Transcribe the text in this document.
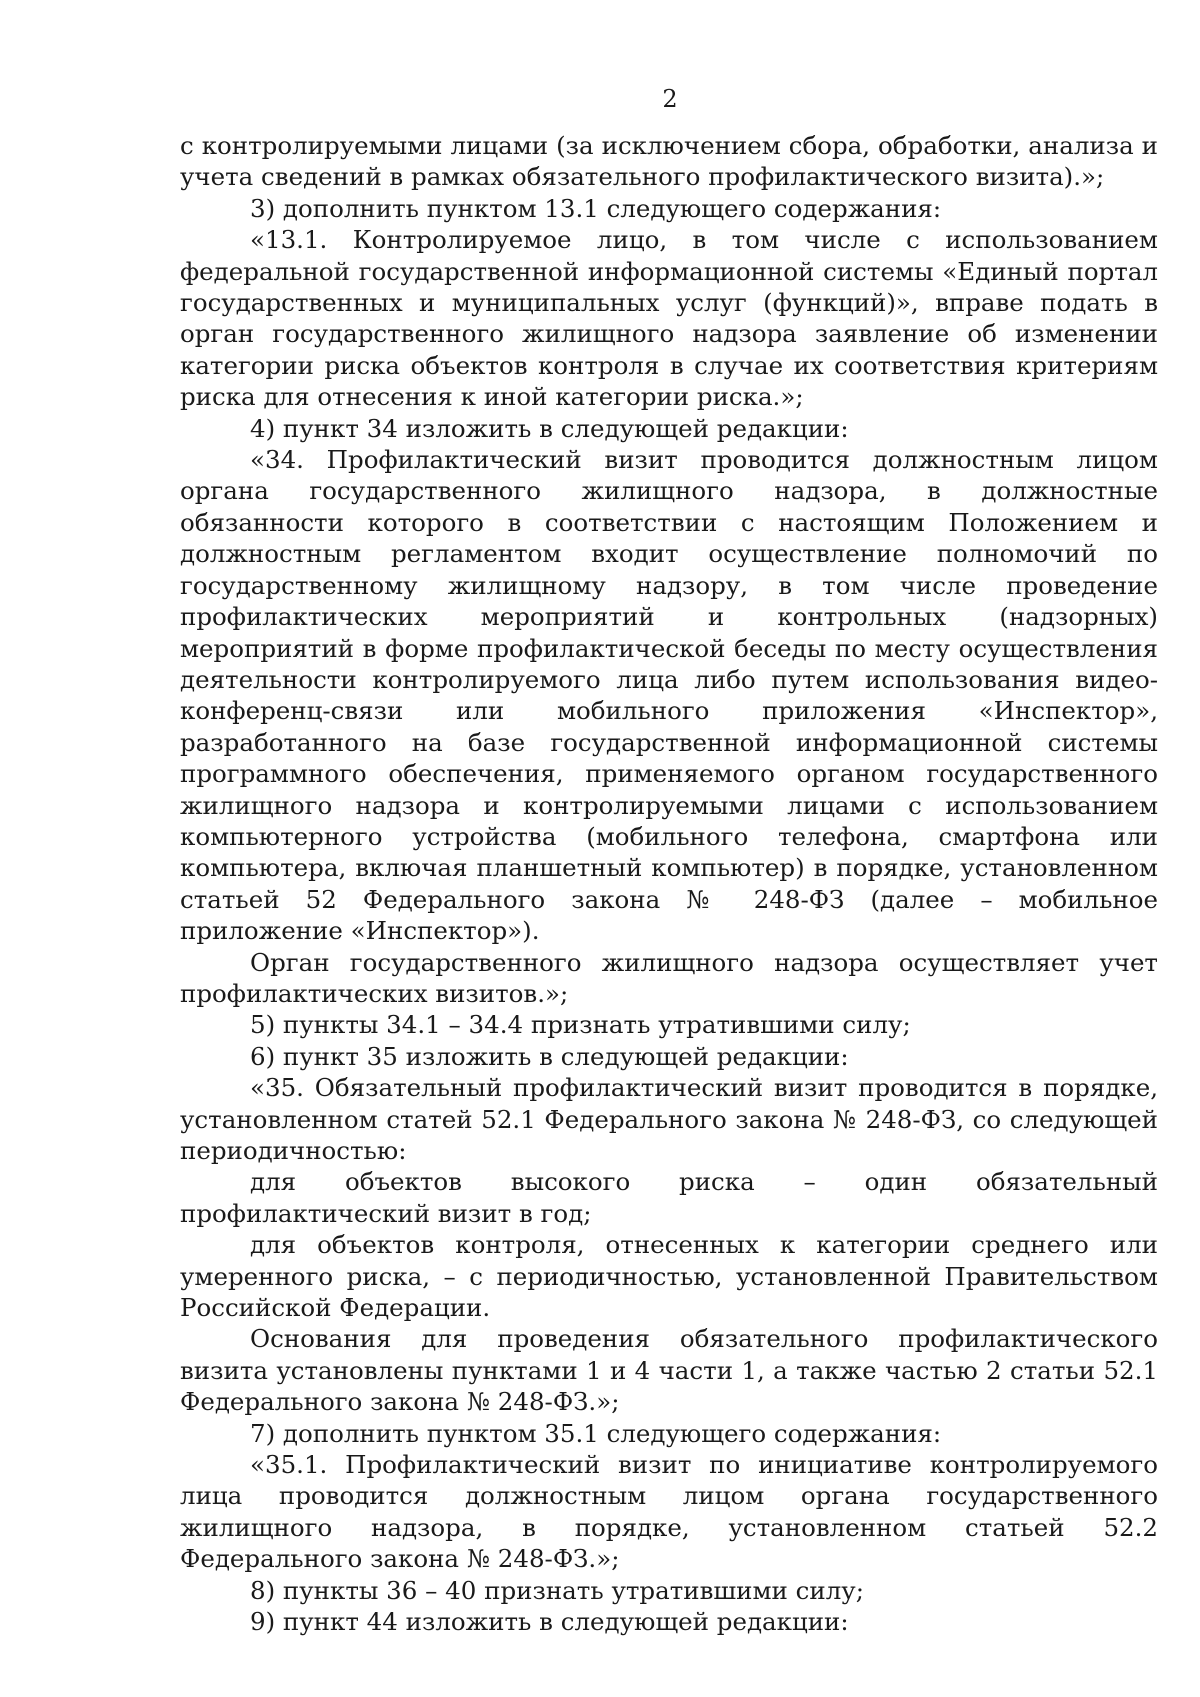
2

с контролируемыми лицами (за исключением сбора, обработки, анализа и учета сведений в рамках обязательного профилактического визита).»;

3) дополнить пунктом 13.1 следующего содержания:

«13.1. Контролируемое лицо, в том числе с использованием федеральной государственной информационной системы «Единый портал государственных и муниципальных услуг (функций)», вправе подать в орган государственного жилищного надзора заявление об изменении категории риска объектов контроля в случае их соответствия критериям риска для отнесения к иной категории риска.»;

4) пункт 34 изложить в следующей редакции:

«34. Профилактический визит проводится должностным лицом органа государственного жилищного надзора, в должностные обязанности которого в соответствии с настоящим Положением и должностным регламентом входит осуществление полномочий по государственному жилищному надзору, в том числе проведение профилактических мероприятий и контрольных (надзорных) мероприятий в форме профилактической беседы по месту осуществления деятельности контролируемого лица либо путем использования видео-конференц-связи или мобильного приложения «Инспектор», разработанного на базе государственной информационной системы программного обеспечения, применяемого органом государственного жилищного надзора и контролируемыми лицами с использованием компьютерного устройства (мобильного телефона, смартфона или компьютера, включая планшетный компьютер) в порядке, установленном статьей 52 Федерального закона № 248-ФЗ (далее – мобильное приложение «Инспектор»).

Орган государственного жилищного надзора осуществляет учет профилактических визитов.»;

5) пункты 34.1 – 34.4 признать утратившими силу;

6) пункт 35 изложить в следующей редакции:

«35. Обязательный профилактический визит проводится в порядке, установленном статей 52.1 Федерального закона № 248-ФЗ, со следующей периодичностью:

для объектов высокого риска – один обязательный профилактический визит в год;

для объектов контроля, отнесенных к категории среднего или умеренного риска, – с периодичностью, установленной Правительством Российской Федерации.

Основания для проведения обязательного профилактического визита установлены пунктами 1 и 4 части 1, а также частью 2 статьи 52.1 Федерального закона № 248-ФЗ.»;

7) дополнить пунктом 35.1 следующего содержания:

«35.1. Профилактический визит по инициативе контролируемого лица проводится должностным лицом органа государственного жилищного надзора, в порядке, установленном статьей 52.2 Федерального закона № 248-ФЗ.»;

8) пункты 36 – 40 признать утратившими силу;

9) пункт 44 изложить в следующей редакции:
